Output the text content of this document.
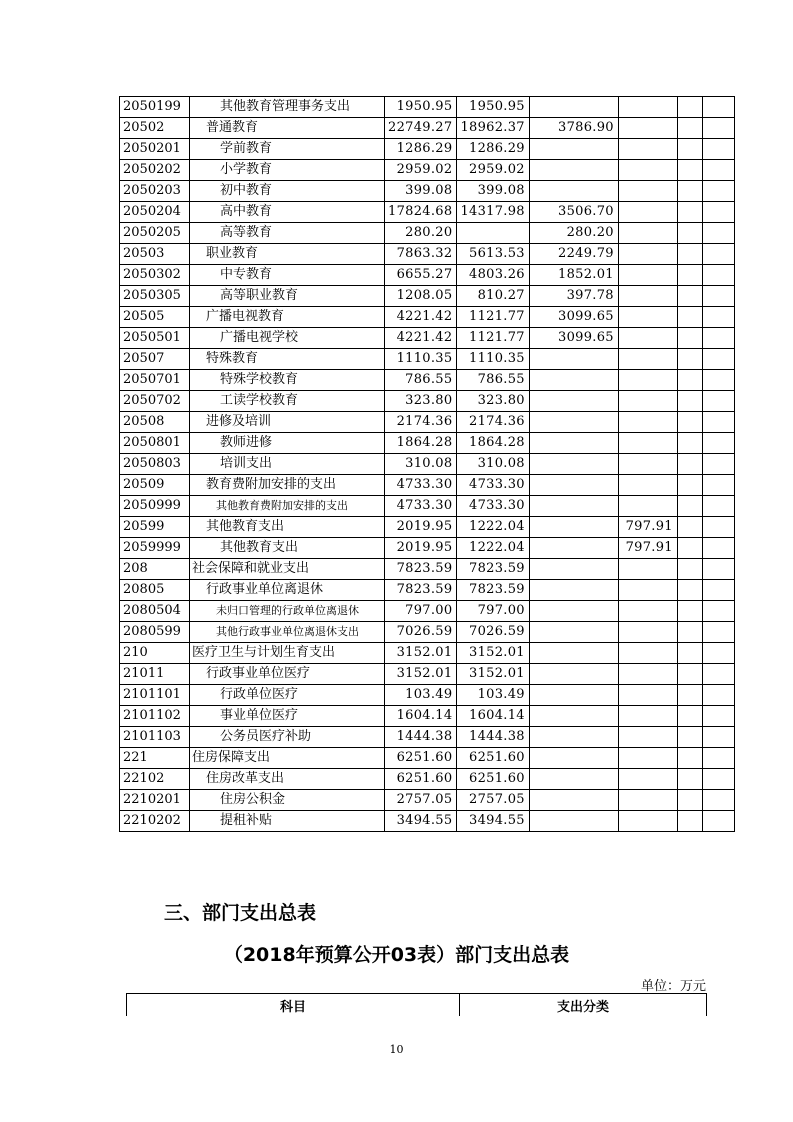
2050199	其他教育管理事务支出	1950.95	1950.95				
20502	普通教育	22749.27	18962.37	3786.90			
2050201	学前教育	1286.29	1286.29				
2050202	小学教育	2959.02	2959.02				
2050203	初中教育	399.08	399.08				
2050204	高中教育	17824.68	14317.98	3506.70			
2050205	高等教育	280.20		280.20			
20503	职业教育	7863.32	5613.53	2249.79			
2050302	中专教育	6655.27	4803.26	1852.01			
2050305	高等职业教育	1208.05	810.27	397.78			
20505	广播电视教育	4221.42	1121.77	3099.65			
2050501	广播电视学校	4221.42	1121.77	3099.65			
20507	特殊教育	1110.35	1110.35				
2050701	特殊学校教育	786.55	786.55				
2050702	工读学校教育	323.80	323.80				
20508	进修及培训	2174.36	2174.36				
2050801	教师进修	1864.28	1864.28				
2050803	培训支出	310.08	310.08				
20509	教育费附加安排的支出	4733.30	4733.30				
2050999	其他教育费附加安排的支出	4733.30	4733.30				
20599	其他教育支出	2019.95	1222.04		797.91		
2059999	其他教育支出	2019.95	1222.04		797.91		
208	社会保障和就业支出	7823.59	7823.59				
20805	行政事业单位离退休	7823.59	7823.59				
2080504	未归口管理的行政单位离退休	797.00	797.00				
2080599	其他行政事业单位离退休支出	7026.59	7026.59				
210	医疗卫生与计划生育支出	3152.01	3152.01				
21011	行政事业单位医疗	3152.01	3152.01				
2101101	行政单位医疗	103.49	103.49				
2101102	事业单位医疗	1604.14	1604.14				
2101103	公务员医疗补助	1444.38	1444.38				
221	住房保障支出	6251.60	6251.60				
22102	住房改革支出	6251.60	6251.60				
2210201	住房公积金	2757.05	2757.05				
2210202	提租补贴	3494.55	3494.55				
三、部门支出总表
（2018年预算公开03表）部门支出总表
单位：万元
科目	支出分类
10
